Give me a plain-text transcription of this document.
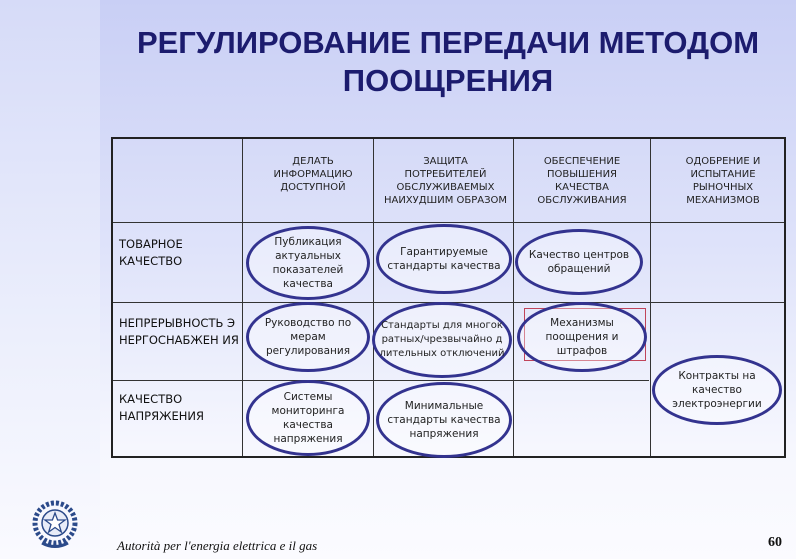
РЕГУЛИРОВАНИЕ ПЕРЕДАЧИ МЕТОДОМ ПООЩРЕНИЯ
ДЕЛАТЬ ИНФОРМАЦИЮ ДОСТУПНОЙ
ЗАЩИТА ПОТРЕБИТЕЛЕЙ ОБСЛУЖИВАЕМЫХ НАИХУДШИМ ОБРАЗОМ
ОБЕСПЕЧЕНИЕ ПОВЫШЕНИЯ КАЧЕСТВА ОБСЛУЖИВАНИЯ
ОДОБРЕНИЕ И ИСПЫТАНИЕ РЫНОЧНЫХ МЕХАНИЗМОВ
ТОВАРНОЕ КАЧЕСТВО
НЕПРЕРЫВНОСТЬ ЭНЕРГОСНАБЖЕН ИЯ
КАЧЕСТВО НАПРЯЖЕНИЯ
Публикация актуальных показателей качества
Гарантируемые стандарты качества
Качество центров обращений
Руководство по мерам регулирования
Стандарты для многократных/чрезвычайно длительных отключений
Механизмы поощрения и штрафов
Системы мониторинга качества напряжения
Минимальные стандарты качества напряжения
Контракты на качество электроэнергии
Autorità per l'energia elettrica e il gas	60
